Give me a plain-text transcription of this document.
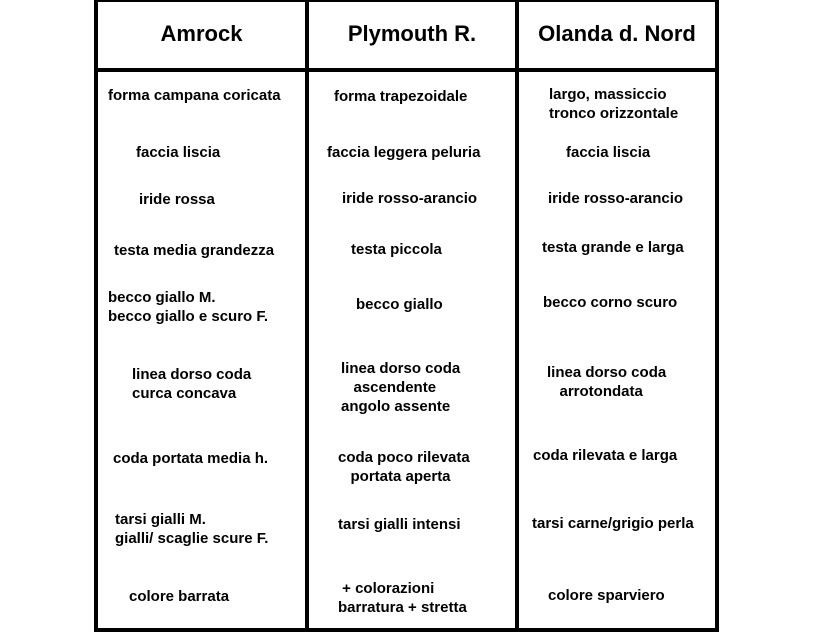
Amrock	Plymouth R.	Olanda d. Nord
forma campana coricata
faccia liscia
iride rossa
testa media grandezza
becco giallo M.
becco giallo e scuro F.
linea dorso coda
curca concava
coda portata media h.
tarsi gialli M.
gialli/ scaglie scure F.
colore barrata
forma trapezoidale
faccia leggera peluria
iride rosso-arancio
testa piccola
becco giallo
linea dorso coda
ascendente
angolo assente
coda poco rilevata
portata aperta
tarsi gialli intensi
+ colorazioni
barratura + stretta
largo, massiccio
tronco orizzontale
faccia liscia
iride rosso-arancio
testa grande e larga
becco corno scuro
linea dorso coda
arrotondata
coda rilevata e larga
tarsi carne/grigio perla
colore sparviero
